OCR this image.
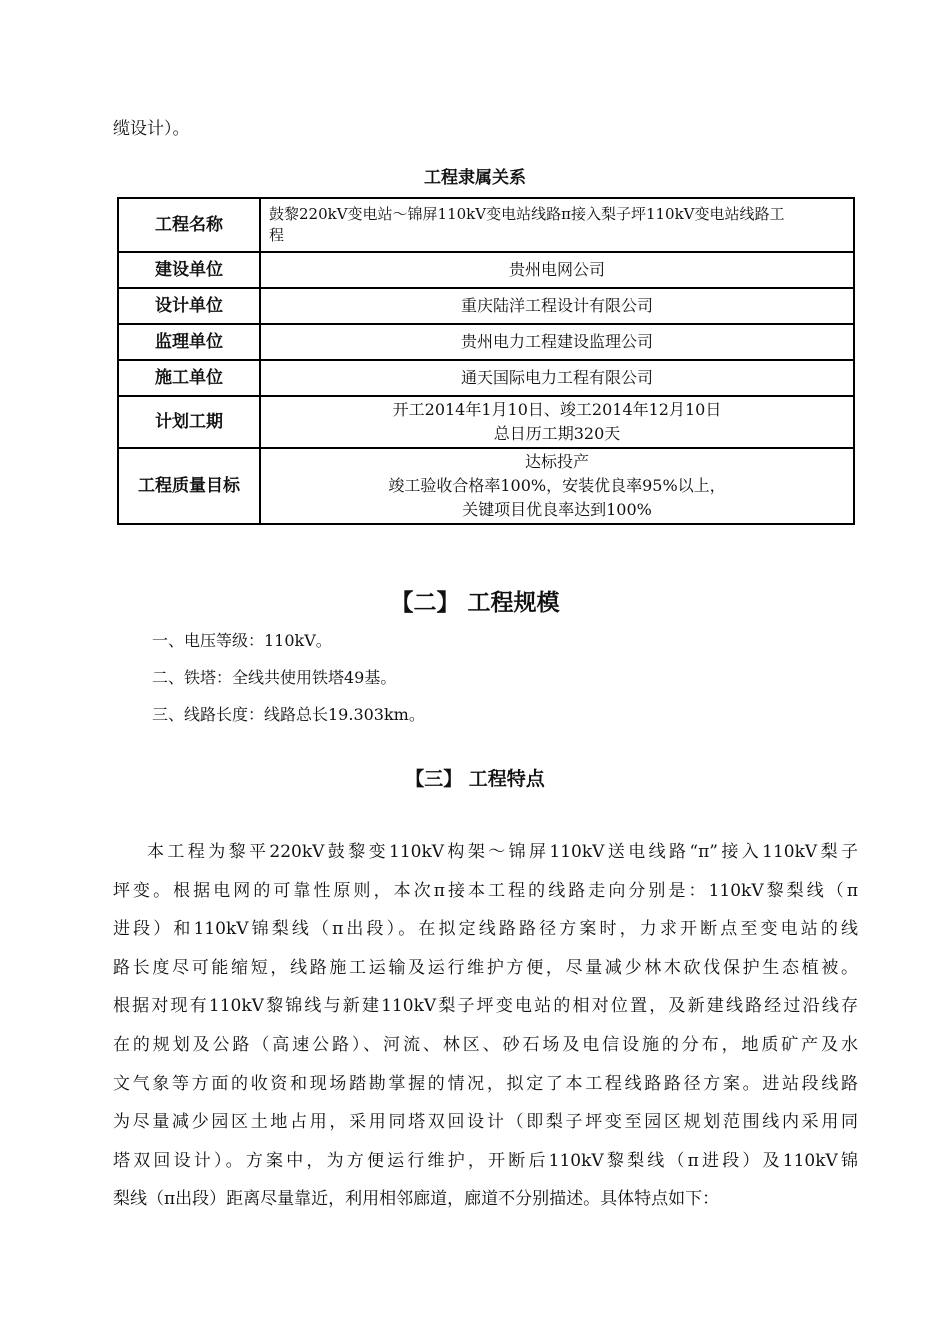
缆设计）。
工程隶属关系
工程名称	鼓黎220kV变电站～锦屏110kV变电站线路π接入梨子坪110kV变电站线路工
程

建设单位	贵州电网公司

设计单位	重庆陆洋工程设计有限公司

监理单位	贵州电力工程建设监理公司

施工单位	通天国际电力工程有限公司

计划工期	开工2014年1月10日、竣工2014年12月10日
总日历工期320天

工程质量目标	达标投产
竣工验收合格率100%，安装优良率95%以上，
关键项目优良率达到100%
【二】 工程规模
一、电压等级：110kV。
二、铁塔：全线共使用铁塔49基。
三、线路长度：线路总长19.303km。
【三】 工程特点
本工程为黎平220kV鼓黎变110kV构架～锦屏110kV送电线路“π”接入110kV梨子
坪变。根据电网的可靠性原则，本次π接本工程的线路走向分别是：110kV黎梨线（π
进段）和110kV锦梨线（π出段）。在拟定线路路径方案时，力求开断点至变电站的线
路长度尽可能缩短，线路施工运输及运行维护方便，尽量减少林木砍伐保护生态植被。
根据对现有110kV黎锦线与新建110kV梨子坪变电站的相对位置，及新建线路经过沿线存
在的规划及公路（高速公路）、河流、林区、砂石场及电信设施的分布，地质矿产及水
文气象等方面的收资和现场踏勘掌握的情况，拟定了本工程线路路径方案。进站段线路
为尽量减少园区土地占用，采用同塔双回设计（即梨子坪变至园区规划范围线内采用同
塔双回设计）。方案中，为方便运行维护，开断后110kV黎梨线（π进段）及110kV锦
梨线（π出段）距离尽量靠近，利用相邻廊道，廊道不分别描述。具体特点如下：
